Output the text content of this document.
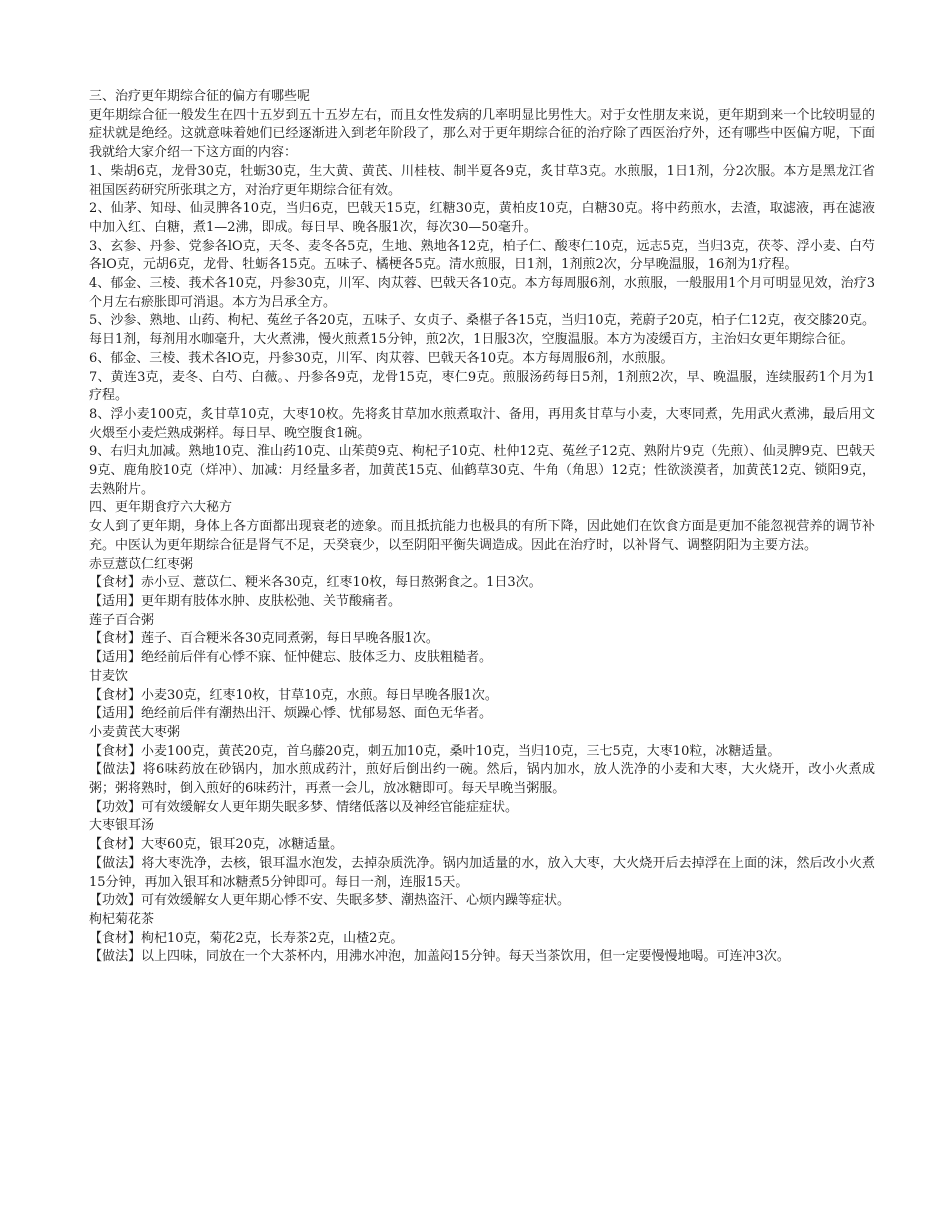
三、治疗更年期综合征的偏方有哪些呢

更年期综合征一般发生在四十五岁到五十五岁左右，而且女性发病的几率明显比男性大。对于女性朋友来说，更年期到来一个比较明显的症状就是绝经。这就意味着她们已经逐渐进入到老年阶段了，那么对于更年期综合征的治疗除了西医治疗外，还有哪些中医偏方呢，下面我就给大家介绍一下这方面的内容：

1、柴胡6克，龙骨30克，牡蛎30克，生大黄、黄芪、川桂枝、制半夏各9克，炙甘草3克。水煎服，1日1剂，分2次服。本方是黑龙江省祖国医药研究所张琪之方，对治疗更年期综合征有效。

2、仙茅、知母、仙灵脾各10克，当归6克，巴戟天15克，红糖30克，黄柏皮10克，白糖30克。将中药煎水，去渣，取滤液，再在滤液中加入红、白糖，煮1—2沸，即成。每日早、晚各服1次，每次30—50毫升。

3、玄参、丹参、党参各lO克，天冬、麦冬各5克，生地、熟地各12克，柏子仁、酸枣仁10克，远志5克，当归3克，茯苓、浮小麦、白芍各lO克，元胡6克，龙骨、牡蛎各15克。五味子、橘梗各5克。清水煎服，日1剂，1剂煎2次，分早晚温服，16剂为1疗程。

4、郁金、三棱、莪术各10克，丹参30克，川军、肉苁蓉、巴戟天各10克。本方每周服6剂，水煎服，一般服用1个月可明显见效，治疗3个月左右瘀胀即可消退。本方为吕承全方。

5、沙参、熟地、山药、枸杞、菟丝子各20克，五味子、女贞子、桑椹子各15克，当归10克，茺蔚子20克，柏子仁12克，夜交膝20克。每日1剂，每剂用水咖毫升，大火煮沸，慢火煎煮15分钟，煎2次，1日服3次，空腹温服。本方为凌缓百方，主治妇女更年期综合征。

6、郁金、三棱、莪术各lO克，丹参30克，川军、肉苁蓉、巴戟天各10克。本方每周服6剂，水煎服。

7、黄连3克，麦冬、白芍、白薇。、丹参各9克，龙骨15克，枣仁9克。煎服汤药每日5剂，1剂煎2次，早、晚温服，连续服药1个月为1疗程。

8、浮小麦100克，炙甘草10克，大枣10枚。先将炙甘草加水煎煮取汁、备用，再用炙甘草与小麦，大枣同煮，先用武火煮沸，最后用文火煨至小麦烂熟成粥样。每日早、晚空腹食1碗。

9、右归丸加减。熟地10克、淮山药10克、山茱萸9克、枸杞子10克、杜仲12克、菟丝子12克、熟附片9克（先煎）、仙灵脾9克、巴戟天9克、鹿角胶10克（烊冲）、加减：月经量多者，加黄芪15克、仙鹤草30克、牛角（角思）12克；性欲淡漠者，加黄芪12克、锁阳9克，去熟附片。

四、更年期食疗六大秘方

女人到了更年期，身体上各方面都出现衰老的迹象。而且抵抗能力也极具的有所下降，因此她们在饮食方面是更加不能忽视营养的调节补充。中医认为更年期综合征是肾气不足，天癸衰少，以至阴阳平衡失调造成。因此在治疗时，以补肾气、调整阴阳为主要方法。

赤豆薏苡仁红枣粥

【食材】赤小豆、薏苡仁、粳米各30克，红枣10枚，每日熬粥食之。1日3次。

【适用】更年期有肢体水肿、皮肤松弛、关节酸痛者。

莲子百合粥

【食材】莲子、百合粳米各30克同煮粥，每日早晚各服1次。

【适用】绝经前后伴有心悸不寐、怔忡健忘、肢体乏力、皮肤粗糙者。

甘麦饮

【食材】小麦30克，红枣10枚，甘草10克，水煎。每日早晚各服1次。

【适用】绝经前后伴有潮热出汗、烦躁心悸、忧郁易怒、面色无华者。

小麦黄芪大枣粥

【食材】小麦100克，黄芪20克，首乌藤20克，刺五加10克，桑叶10克，当归10克，三七5克，大枣10粒，冰糖适量。

【做法】将6味药放在砂锅内，加水煎成药汁，煎好后倒出约一碗。然后，锅内加水，放人洗净的小麦和大枣，大火烧开，改小火煮成粥；粥将熟时，倒入煎好的6味药汁，再煮一会儿，放冰糖即可。每天早晚当粥服。

【功效】可有效缓解女人更年期失眠多梦、情绪低落以及神经官能症症状。

大枣银耳汤

【食材】大枣60克，银耳20克，冰糖适量。

【做法】将大枣洗净，去核，银耳温水泡发，去掉杂质洗净。锅内加适量的水，放入大枣，大火烧开后去掉浮在上面的沫，然后改小火煮15分钟，再加入银耳和冰糖煮5分钟即可。每日一剂，连服15天。

【功效】可有效缓解女人更年期心悸不安、失眠多梦、潮热盗汗、心烦内躁等症状。

枸杞菊花茶

【食材】枸杞10克，菊花2克，长寿茶2克，山楂2克。

【做法】以上四味，同放在一个大茶杯内，用沸水冲泡，加盖闷15分钟。每天当茶饮用，但一定要慢慢地喝。可连冲3次。
